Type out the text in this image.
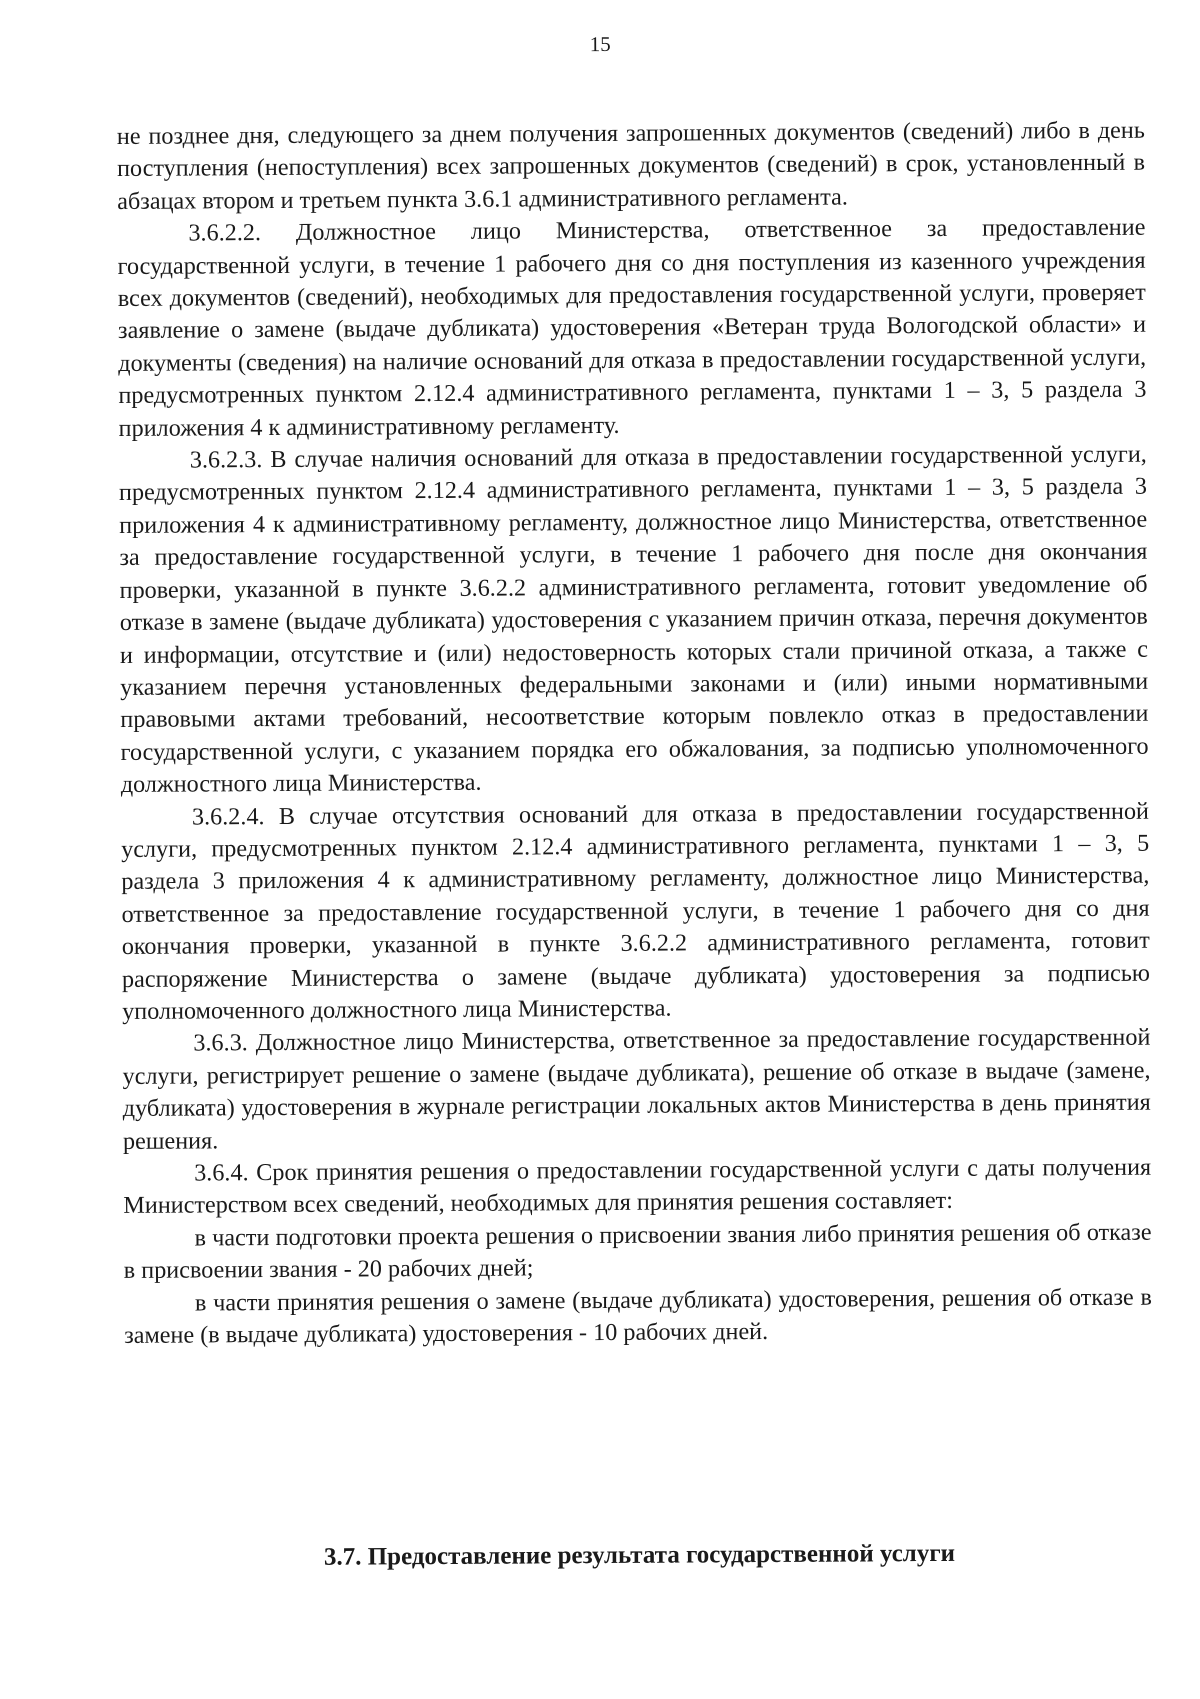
15

не позднее дня, следующего за днем получения запрошенных документов (сведений) либо в день поступления (непоступления) всех запрошенных документов (сведений) в срок, установленный в абзацах втором и третьем пункта 3.6.1 административного регламента.

3.6.2.2. Должностное лицо Министерства, ответственное за предоставление государственной услуги, в течение 1 рабочего дня со дня поступления из казенного учреждения всех документов (сведений), необходимых для предоставления государственной услуги, проверяет заявление о замене (выдаче дубликата) удостоверения «Ветеран труда Вологодской области» и документы (сведения) на наличие оснований для отказа в предоставлении государственной услуги, предусмотренных пунктом 2.12.4 административного регламента, пунктами 1 – 3, 5 раздела 3 приложения 4 к административному регламенту.

3.6.2.3. В случае наличия оснований для отказа в предоставлении государственной услуги, предусмотренных пунктом 2.12.4 административного регламента, пунктами 1 – 3, 5 раздела 3 приложения 4 к административному регламенту, должностное лицо Министерства, ответственное за предоставление государственной услуги, в течение 1 рабочего дня после дня окончания проверки, указанной в пункте 3.6.2.2 административного регламента, готовит уведомление об отказе в замене (выдаче дубликата) удостоверения с указанием причин отказа, перечня документов и информации, отсутствие и (или) недостоверность которых стали причиной отказа, а также с указанием перечня установленных федеральными законами и (или) иными нормативными правовыми актами требований, несоответствие которым повлекло отказ в предоставлении государственной услуги, с указанием порядка его обжалования, за подписью уполномоченного должностного лица Министерства.

3.6.2.4. В случае отсутствия оснований для отказа в предоставлении государственной услуги, предусмотренных пунктом 2.12.4 административного регламента, пунктами 1 – 3, 5 раздела 3 приложения 4 к административному регламенту, должностное лицо Министерства, ответственное за предоставление государственной услуги, в течение 1 рабочего дня со дня окончания проверки, указанной в пункте 3.6.2.2 административного регламента, готовит распоряжение Министерства о замене (выдаче дубликата) удостоверения за подписью уполномоченного должностного лица Министерства.

3.6.3. Должностное лицо Министерства, ответственное за предоставление государственной услуги, регистрирует решение о замене (выдаче дубликата), решение об отказе в выдаче (замене, дубликата) удостоверения в журнале регистрации локальных актов Министерства в день принятия решения.

3.6.4. Срок принятия решения о предоставлении государственной услуги с даты получения Министерством всех сведений, необходимых для принятия решения составляет:

в части подготовки проекта решения о присвоении звания либо принятия решения об отказе в присвоении звания - 20 рабочих дней;

в части принятия решения о замене (выдаче дубликата) удостоверения, решения об отказе в замене (в выдаче дубликата) удостоверения - 10 рабочих дней.

3.7. Предоставление результата государственной услуги
